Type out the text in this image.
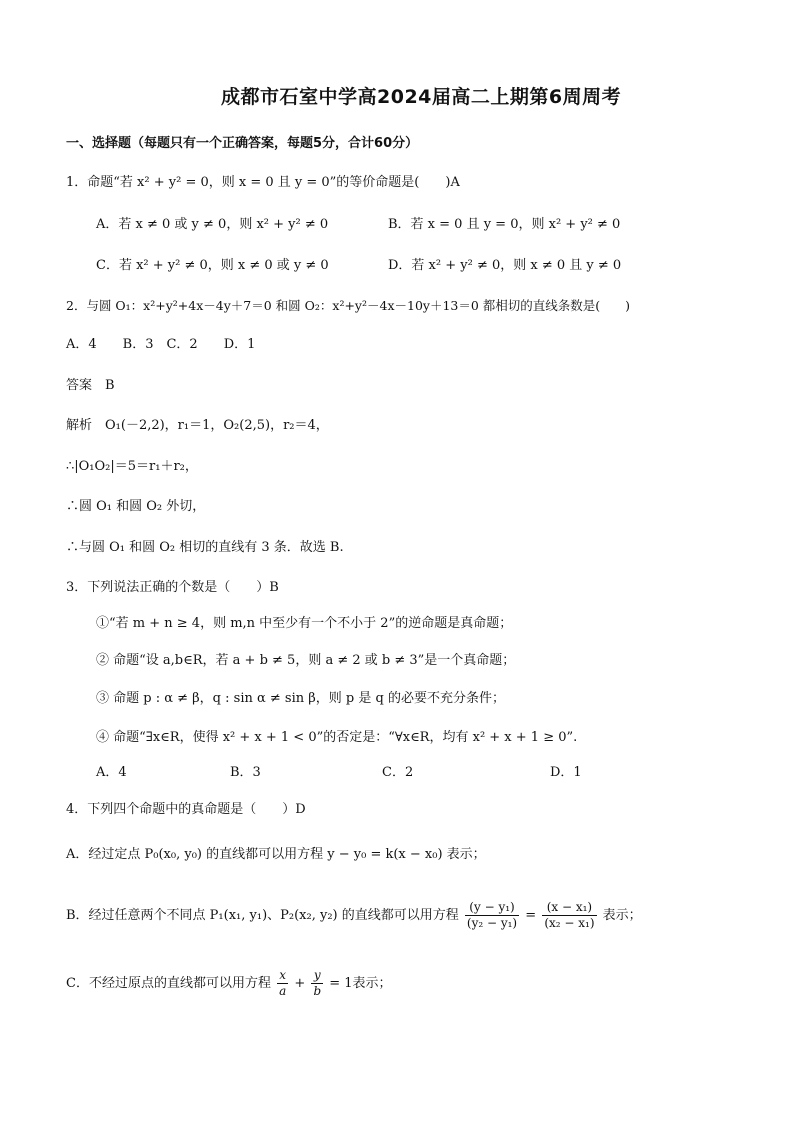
成都市石室中学高2024届高二上期第6周周考
一、选择题（每题只有一个正确答案，每题5分，合计60分）
1．命题“若 x² + y² = 0，则 x = 0 且 y = 0”的等价命题是(　　)A
A．若 x ≠ 0 或 y ≠ 0，则 x² + y² ≠ 0	B．若 x = 0 且 y = 0，则 x² + y² ≠ 0
C．若 x² + y² ≠ 0，则 x ≠ 0 或 y ≠ 0	D．若 x² + y² ≠ 0，则 x ≠ 0 且 y ≠ 0
2．与圆 O₁：x²+y²+4x－4y＋7＝0 和圆 O₂：x²+y²－4x－10y＋13＝0 都相切的直线条数是(　　)
A．4　　B．3　C．2　　D．1
答案　B
解析　O₁(－2,2)，r₁＝1，O₂(2,5)，r₂＝4，
∴|O₁O₂|＝5＝r₁＋r₂，
∴圆 O₁ 和圆 O₂ 外切，
∴与圆 O₁ 和圆 O₂ 相切的直线有 3 条．故选 B.
3．下列说法正确的个数是（　　）B
①“若 m + n ≥ 4，则 m,n 中至少有一个不小于 2”的逆命题是真命题；
② 命题“设 a,b∈R，若 a + b ≠ 5，则 a ≠ 2 或 b ≠ 3”是一个真命题；
③ 命题 p : α ≠ β，q : sin α ≠ sin β，则 p 是 q 的必要不充分条件；
④ 命题“∃x∈R，使得 x² + x + 1 < 0”的否定是：“∀x∈R，均有 x² + x + 1 ≥ 0”.
A．4	B．3	C．2	D．1
4．下列四个命题中的真命题是（　　）D
A．经过定点 P₀(x₀, y₀) 的直线都可以用方程 y − y₀ = k(x − x₀) 表示；
B．经过任意两个不同点 P₁(x₁, y₁)、P₂(x₂, y₂) 的直线都可以用方程 $\frac{\text{(y − y₁)}}{\text{(y₂ − y₁)}} = \frac{\text{(x − x₁)}}{\text{(x₂ − x₁)}}$ 表示；
C．不经过原点的直线都可以用方程 $\frac{x}{a} + \frac{y}{b} = 1$表示；
